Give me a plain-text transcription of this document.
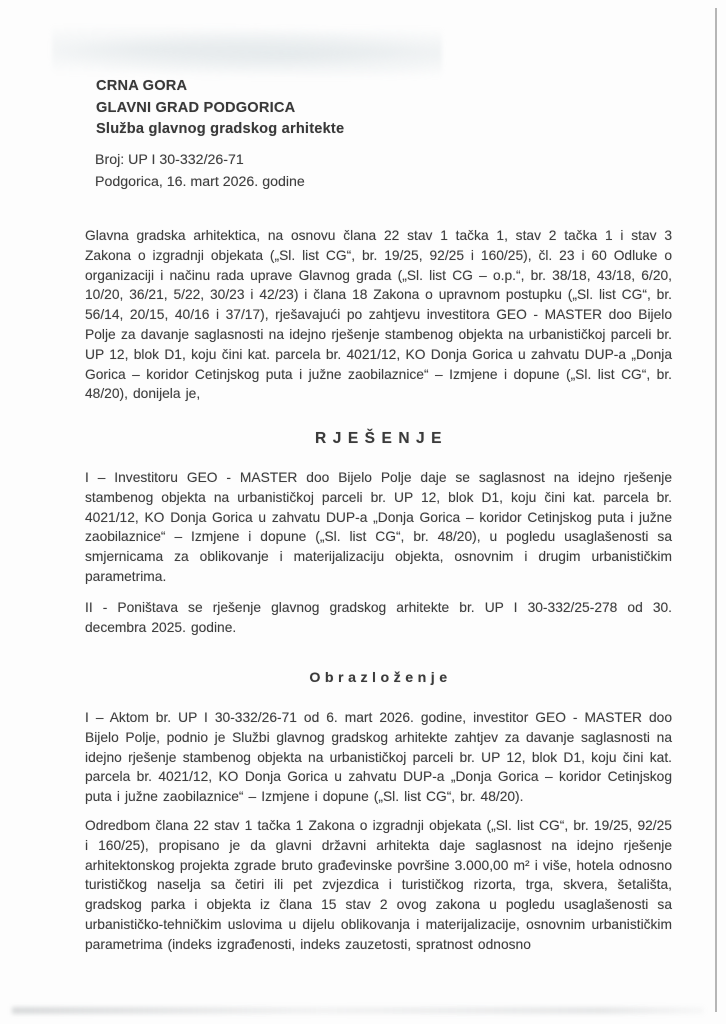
CRNA GORA
GLAVNI GRAD PODGORICA
Služba glavnog gradskog arhitekte
Broj: UP I 30-332/26-71
Podgorica, 16. mart 2026. godine

Glavna gradska arhitektica, na osnovu člana 22 stav 1 tačka 1, stav 2 tačka 1 i stav 3 Zakona o izgradnji objekata („Sl. list CG“, br. 19/25, 92/25 i 160/25), čl. 23 i 60 Odluke o organizaciji i načinu rada uprave Glavnog grada („Sl. list CG – o.p.“, br. 38/18, 43/18, 6/20, 10/20, 36/21, 5/22, 30/23 i 42/23) i člana 18 Zakona o upravnom postupku („Sl. list CG“, br. 56/14, 20/15, 40/16 i 37/17), rješavajući po zahtjevu investitora GEO - MASTER doo Bijelo Polje za davanje saglasnosti na idejno rješenje stambenog objekta na urbanističkoj parceli br. UP 12, blok D1, koju čini kat. parcela br. 4021/12, KO Donja Gorica u zahvatu DUP-a „Donja Gorica – koridor Cetinjskog puta i južne zaobilaznice“ – Izmjene i dopune („Sl. list CG“, br. 48/20), donijela je,

RJEŠENJE

I – Investitoru GEO - MASTER doo Bijelo Polje daje se saglasnost na idejno rješenje stambenog objekta na urbanističkoj parceli br. UP 12, blok D1, koju čini kat. parcela br. 4021/12, KO Donja Gorica u zahvatu DUP-a „Donja Gorica – koridor Cetinjskog puta i južne zaobilaznice“ – Izmjene i dopune („Sl. list CG“, br. 48/20), u pogledu usaglašenosti sa smjernicama za oblikovanje i materijalizaciju objekta, osnovnim i drugim urbanističkim parametrima.

II - Poništava se rješenje glavnog gradskog arhitekte br. UP I 30-332/25-278 od 30. decembra 2025. godine.

Obrazloženje

I – Aktom br. UP I 30-332/26-71 od 6. mart 2026. godine, investitor GEO - MASTER doo Bijelo Polje, podnio je Službi glavnog gradskog arhitekte zahtjev za davanje saglasnosti na idejno rješenje stambenog objekta na urbanističkoj parceli br. UP 12, blok D1, koju čini kat. parcela br. 4021/12, KO Donja Gorica u zahvatu DUP-a „Donja Gorica – koridor Cetinjskog puta i južne zaobilaznice“ – Izmjene i dopune („Sl. list CG“, br. 48/20).

Odredbom člana 22 stav 1 tačka 1 Zakona o izgradnji objekata („Sl. list CG“, br. 19/25, 92/25 i 160/25), propisano je da glavni državni arhitekta daje saglasnost na idejno rješenje arhitektonskog projekta zgrade bruto građevinske površine 3.000,00 m² i više, hotela odnosno turističkog naselja sa četiri ili pet zvjezdica i turističkog rizorta, trga, skvera, šetališta, gradskog parka i objekta iz člana 15 stav 2 ovog zakona u pogledu usaglašenosti sa urbanističko-tehničkim uslovima u dijelu oblikovanja i materijalizacije, osnovnim urbanističkim parametrima (indeks izgrađenosti, indeks zauzetosti, spratnost odnosno
